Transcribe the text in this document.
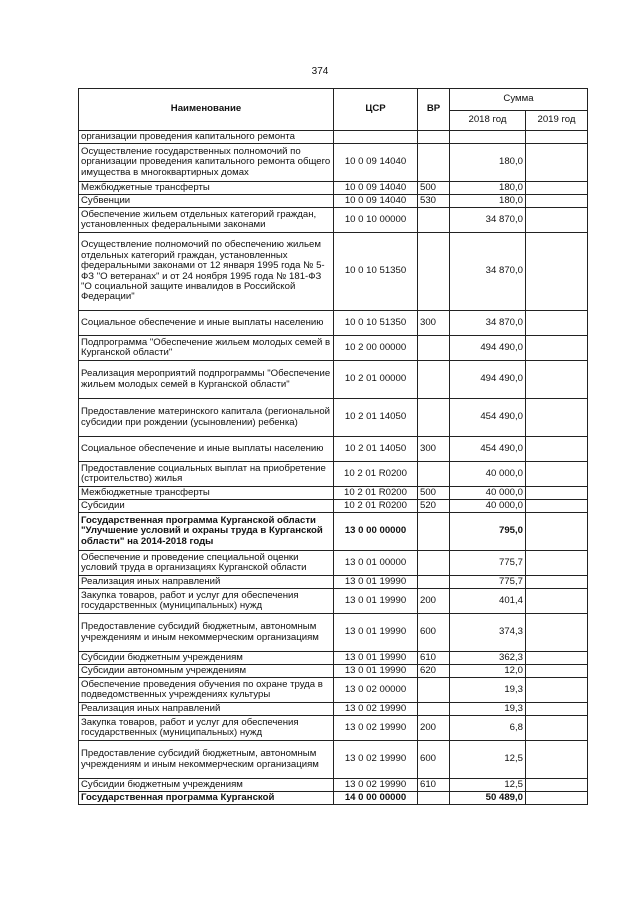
374
Наименование	ЦСР	ВР	Сумма	
			2018 год	2019 год
организации проведения капитального ремонта				
Осуществление государственных полномочий по организации проведения капитального ремонта общего имущества в многоквартирных домах	10 0 09 14040		180,0	
Межбюджетные трансферты	10 0 09 14040	500	180,0	
Субвенции	10 0 09 14040	530	180,0	
Обеспечение жильем отдельных категорий граждан, установленных федеральными законами	10 0 10 00000		34 870,0	
Осуществление полномочий по обеспечению жильем отдельных категорий граждан, установленных федеральными законами от 12 января 1995 года № 5-ФЗ "О ветеранах" и от 24 ноября 1995 года № 181-ФЗ "О социальной защите инвалидов в Российской Федерации"	10 0 10 51350		34 870,0	
Социальное обеспечение и иные выплаты населению	10 0 10 51350	300	34 870,0	
Подпрограмма "Обеспечение жильем молодых семей в Курганской области"	10 2 00 00000		494 490,0	
Реализация мероприятий подпрограммы "Обеспечение жильем молодых семей в Курганской области"	10 2 01 00000		494 490,0	
Предоставление материнского капитала (региональной субсидии при рождении (усыновлении) ребенка)	10 2 01 14050		454 490,0	
Социальное обеспечение и иные выплаты населению	10 2 01 14050	300	454 490,0	
Предоставление социальных выплат на приобретение (строительство) жилья	10 2 01 R0200		40 000,0	
Межбюджетные трансферты	10 2 01 R0200	500	40 000,0	
Субсидии	10 2 01 R0200	520	40 000,0	
Государственная программа Курганской области "Улучшение условий и охраны труда в Курганской области" на 2014-2018 годы	13 0 00 00000		795,0	
Обеспечение и проведение специальной оценки условий труда в организациях Курганской области	13 0 01 00000		775,7	
Реализация иных направлений	13 0 01 19990		775,7	
Закупка товаров, работ и услуг для обеспечения государственных (муниципальных) нужд	13 0 01 19990	200	401,4	
Предоставление субсидий бюджетным, автономным учреждениям и иным некоммерческим организациям	13 0 01 19990	600	374,3	
Субсидии бюджетным учреждениям	13 0 01 19990	610	362,3	
Субсидии автономным учреждениям	13 0 01 19990	620	12,0	
Обеспечение проведения обучения по охране труда в подведомственных учреждениях культуры	13 0 02 00000		19,3	
Реализация иных направлений	13 0 02 19990		19,3	
Закупка товаров, работ и услуг для обеспечения государственных (муниципальных) нужд	13 0 02 19990	200	6,8	
Предоставление субсидий бюджетным, автономным учреждениям и иным некоммерческим организациям	13 0 02 19990	600	12,5	
Субсидии бюджетным учреждениям	13 0 02 19990	610	12,5	
Государственная программа Курганской	14 0 00 00000		50 489,0	
